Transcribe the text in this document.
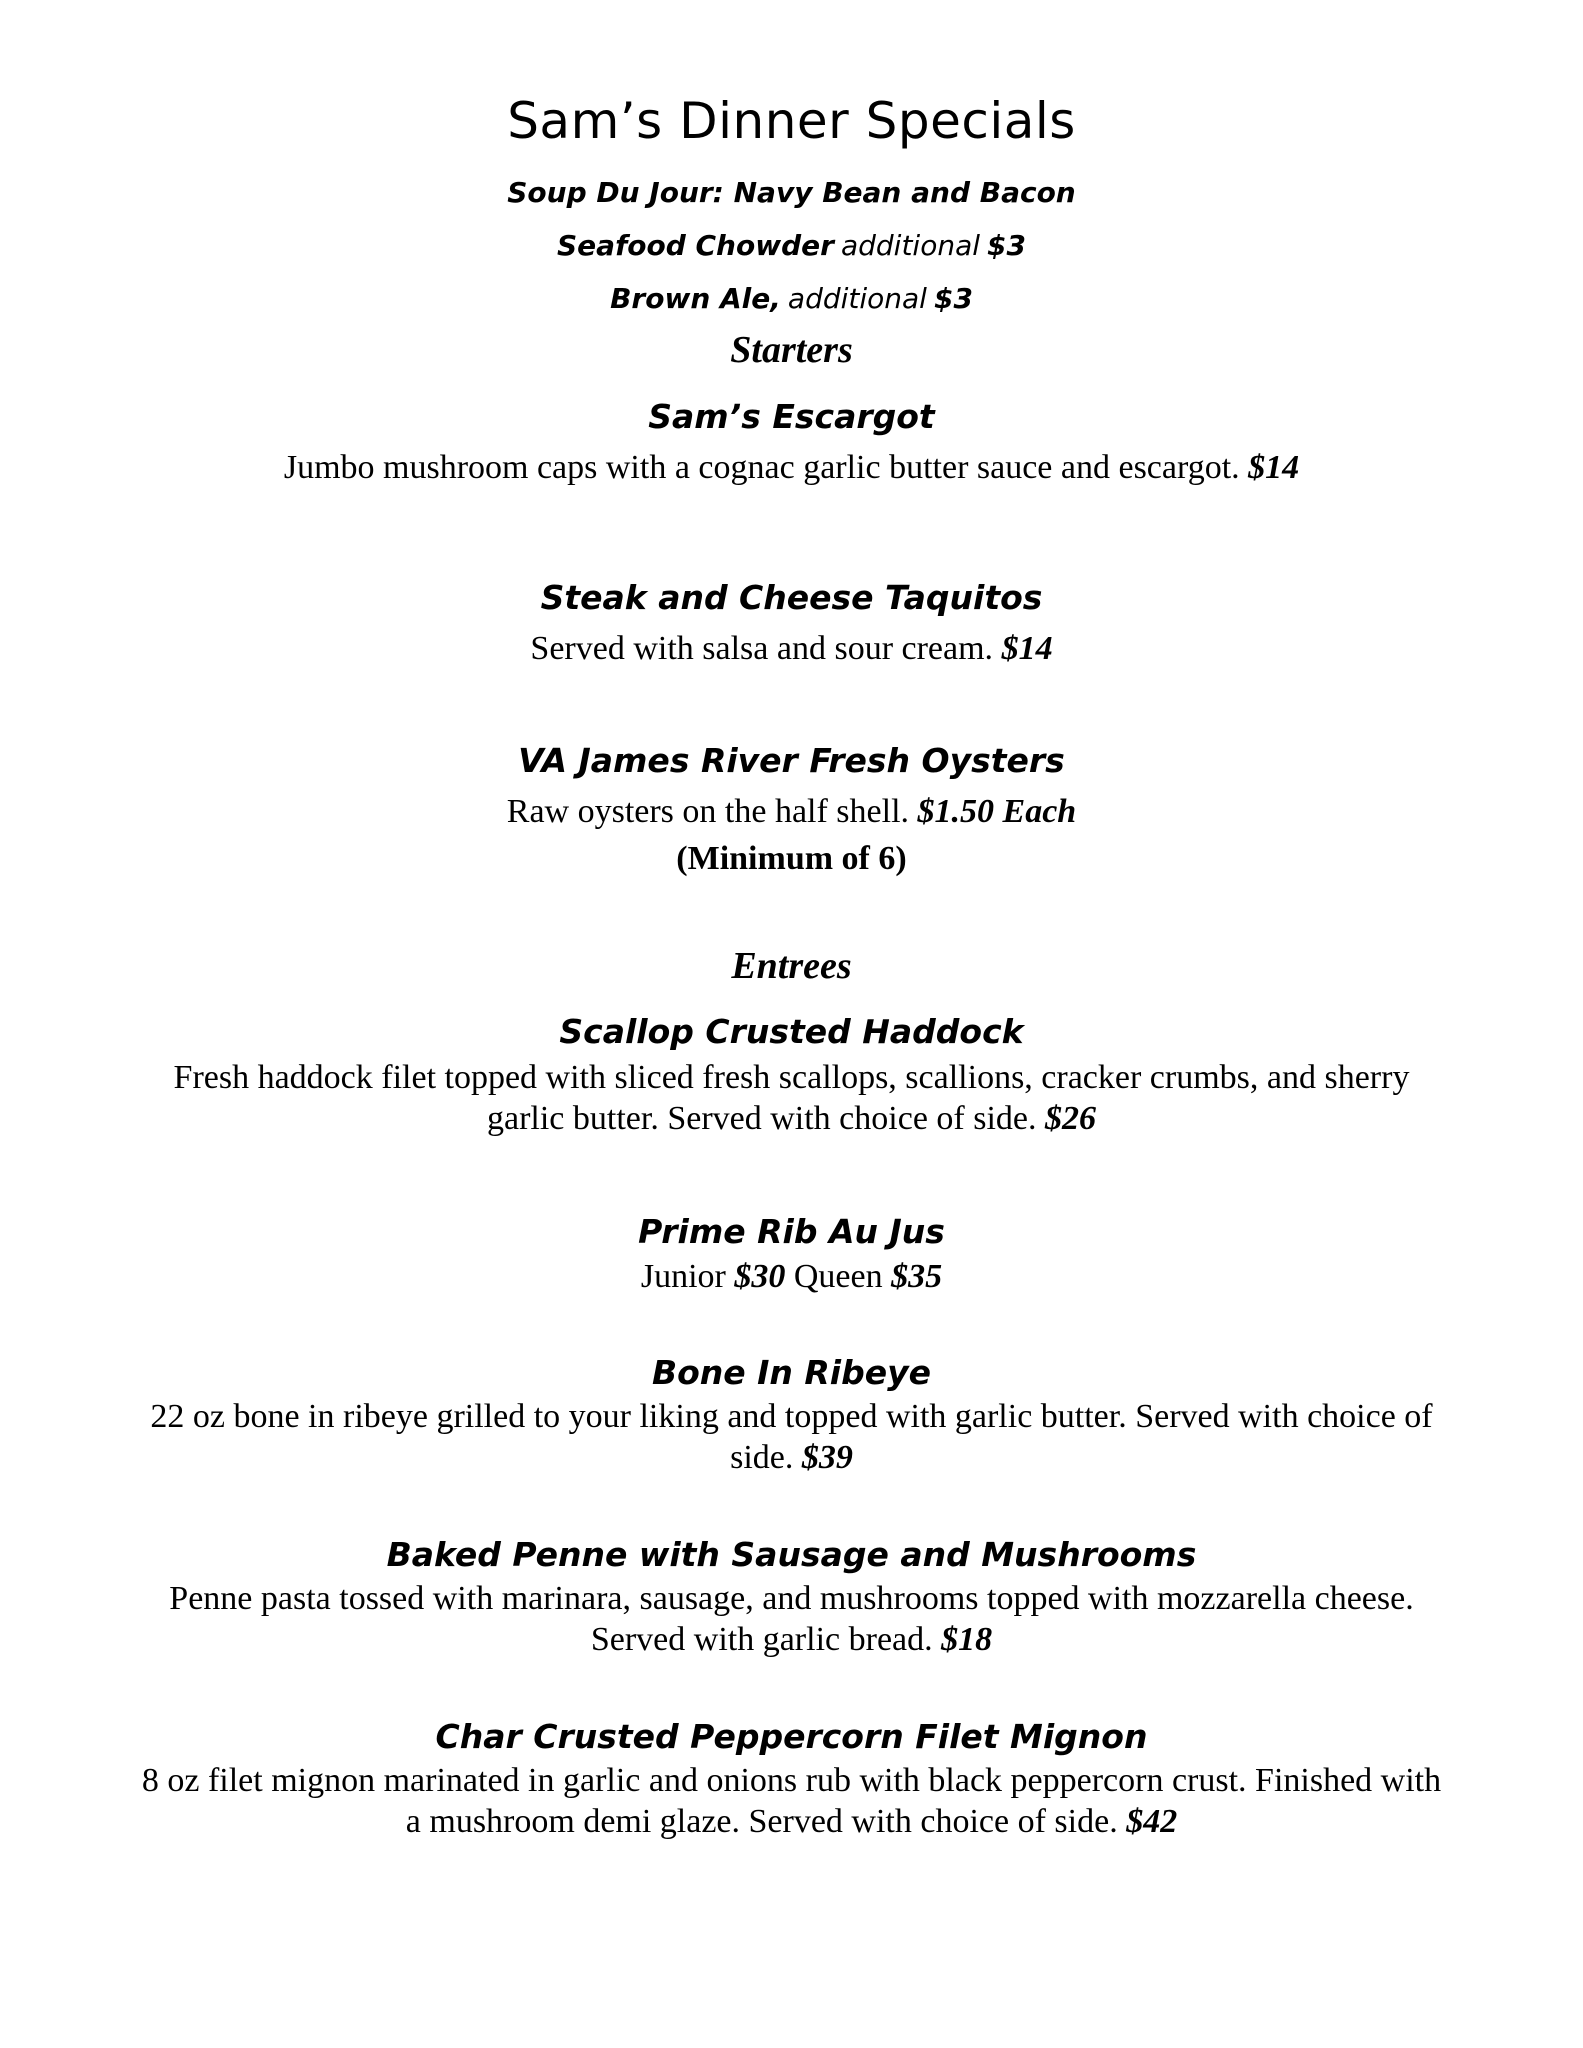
Sam’s Dinner Specials
Soup Du Jour: Navy Bean and Bacon
Seafood Chowder additional $3
Brown Ale, additional $3
Starters
Sam’s Escargot
Jumbo mushroom caps with a cognac garlic butter sauce and escargot. $14
Steak and Cheese Taquitos
Served with salsa and sour cream. $14
VA James River Fresh Oysters
Raw oysters on the half shell. $1.50 Each
(Minimum of 6)
Entrees
Scallop Crusted Haddock
Fresh haddock filet topped with sliced fresh scallops, scallions, cracker crumbs, and sherry
garlic butter. Served with choice of side. $26
Prime Rib Au Jus
Junior $30 Queen $35
Bone In Ribeye
22 oz bone in ribeye grilled to your liking and topped with garlic butter. Served with choice of
side. $39
Baked Penne with Sausage and Mushrooms
Penne pasta tossed with marinara, sausage, and mushrooms topped with mozzarella cheese.
Served with garlic bread. $18
Char Crusted Peppercorn Filet Mignon
8 oz filet mignon marinated in garlic and onions rub with black peppercorn crust. Finished with
a mushroom demi glaze. Served with choice of side. $42
